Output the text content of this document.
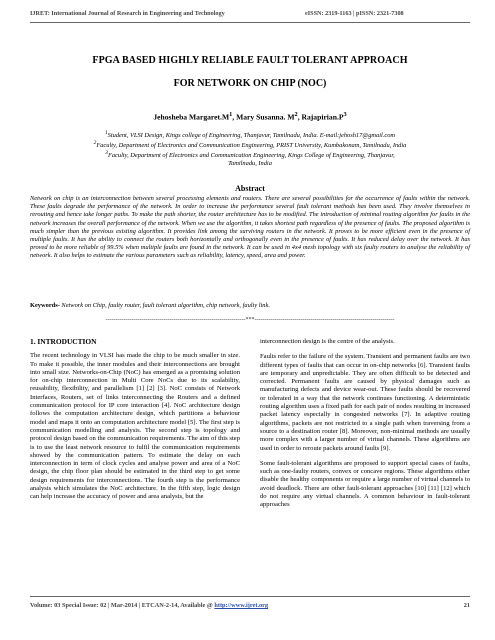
IJRET: International Journal of Research in Engineering and Technology	eISSN: 2319-1163 | pISSN: 2321-7308
FPGA BASED HIGHLY RELIABLE FAULT TOLERANT APPROACH
FOR NETWORK ON CHIP (NOC)
Jehosheba $Margaret.M^1$, Mary Susanna. $M^2$, $Rajapirian.P^3$
$^1$Student, VLSI Design, Kings college of Engineering, Thanjavur, Tamilnadu, India. E-mail:jehosh17@gmail.com
$^2$Faculty, Department of Electronics and Communication Engineering, PRIST University, Kumbakonam, Tamilnadu, India
$^3$Faculty, Department of Electronics and Communication Engineering, Kings College of Engineering, Thanjavur,
Tamilnadu, India
Abstract
Network on chip is an interconnection between several processing elements and routers. There are several possibilities for the occurrence of faults within the network. These faults degrade the performance of the network. In order to increase the performance several fault tolerant methods has been used. They involve themselves in rerouting and hence take longer paths. To make the path shorter, the router architecture has to be modified. The introduction of minimal routing algorithm for faults in the network increases the overall performance of the network. When we use the algorithm, it takes shortest path regardless of the presence of faults. The proposed algorithm is much simpler than the previous existing algorithm. It provides link among the surviving routers in the network. It proves to be more efficient even in the presence of multiple faults. It has the ability to connect the routers both horizontally and orthogonally even in the presence of faults. It has reduced delay over the network. It has proved to be more reliable of 99.5% when multiple faults are found in the network. It can be used in 4x4 mesh topology with six faulty routers to analyse the reliability of network. It also helps to estimate the various parameters such as reliability, latency, speed, area and power.
Keywords- Network on Chip, faulty router, fault tolerant algorithm, chip network, faulty link.
----------------------------------------------------------------------***----------------------------------------------------------------------
1. INTRODUCTION

The recent technology in VLSI has made the chip to be much smaller in size. To make it possible, the inner modules and their interconnections are brought into small size. Networks-on-Chip (NoC) has emerged as a promising solution for on-chip interconnection in Multi Core NoCs due to its scalability, reusability, flexibility, and parallelism [1] [2] [3]. NoC consists of Network Interfaces, Routers, set of links interconnecting the Routers and a defined communication protocol for IP core interaction [4]. NoC architecture design follows the computation architecture design, which partitions a behaviour model and maps it onto an computation architecture model [5]. The first step is communication modelling and analysis. The second step is topology and protocol design based on the communication requirements. The aim of this step is to use the least network resource to fulfil the communication requirements showed by the communication pattern. To estimate the delay on each interconnection in term of clock cycles and analyse power and area of a NoC design, the chip floor plan should be estimated in the third step to get some design requirements for interconnections. The fourth step is the performance analysis which simulates the NoC architecture. In the fifth step, logic design can help increase the accuracy of power and area analysis, but the

interconnection design is the centre of the analysis.

Faults refer to the failure of the system. Transient and permanent faults are two different types of faults that can occur in on-chip networks [6]. Transient faults are temporary and unpredictable. They are often difficult to be detected and corrected. Permanent faults are caused by physical damages such as manufacturing defects and device wear-out. These faults should be recovered or tolerated in a way that the network continues functioning. A deterministic routing algorithm uses a fixed path for each pair of nodes resulting in increased packet latency especially in congested networks [7]. In adaptive routing algorithms, packets are not restricted to a single path when traversing from a source to a destination router [8]. Moreover, non-minimal methods are usually more complex with a larger number of virtual channels. These algorithms are used in order to reroute packets around faults [9].

Some fault-tolerant algorithms are proposed to support special cases of faults, such as one-faulty routers, convex or concave regions. These algorithms either disable the healthy components or require a large number of virtual channels to avoid deadlock. There are other fault-tolerant approaches [10] [11] [12] which do not require any virtual channels. A common behaviour in fault-tolerant approaches

Volume: 03 Special Issue: 02 | Mar-2014 | ETCAN-2-14, Available @ http://www.ijret.org	21
